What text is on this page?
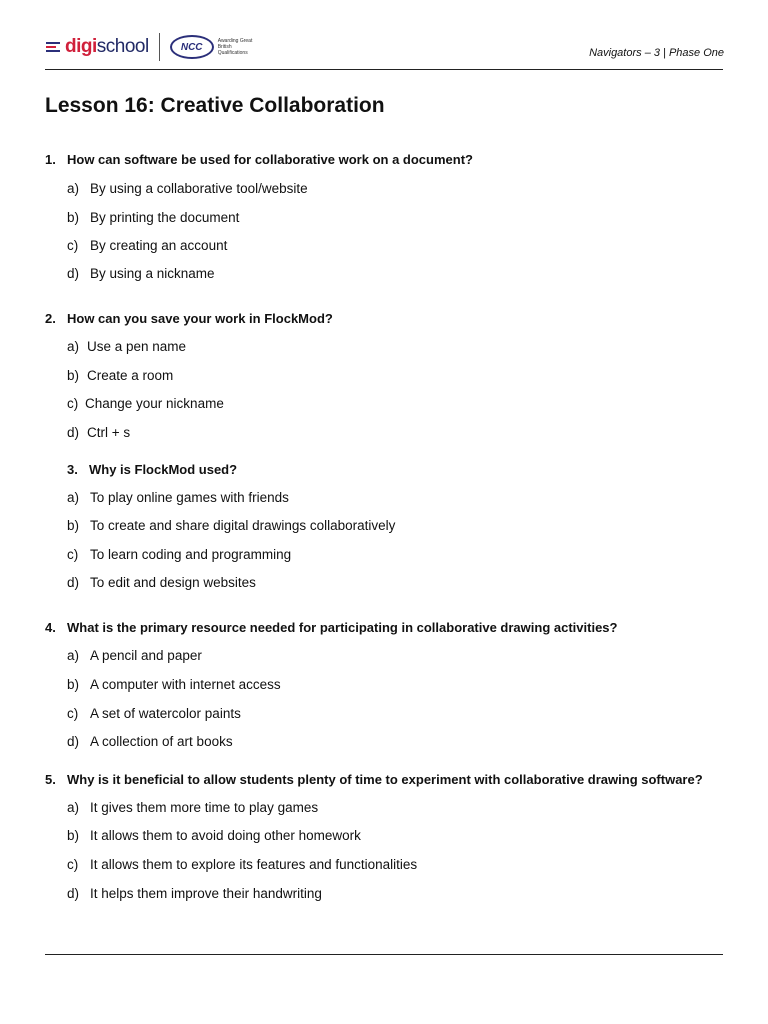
digischool	NCC
Awarding Great British Qualifications	Navigators – 3 | Phase One
Lesson 16: Creative Collaboration
1. How can software be used for collaborative work on a document?
a) By using a collaborative tool/website
b) By printing the document
c) By creating an account
d) By using a nickname
2. How can you save your work in FlockMod?
a) Use a pen name
b) Create a room
c) Change your nickname
d) Ctrl + s
3. Why is FlockMod used?
a) To play online games with friends
b) To create and share digital drawings collaboratively
c) To learn coding and programming
d) To edit and design websites
4. What is the primary resource needed for participating in collaborative drawing activities?
a) A pencil and paper
b) A computer with internet access
c) A set of watercolor paints
d) A collection of art books
5. Why is it beneficial to allow students plenty of time to experiment with collaborative drawing software?
a) It gives them more time to play games
b) It allows them to avoid doing other homework
c) It allows them to explore its features and functionalities
d) It helps them improve their handwriting
